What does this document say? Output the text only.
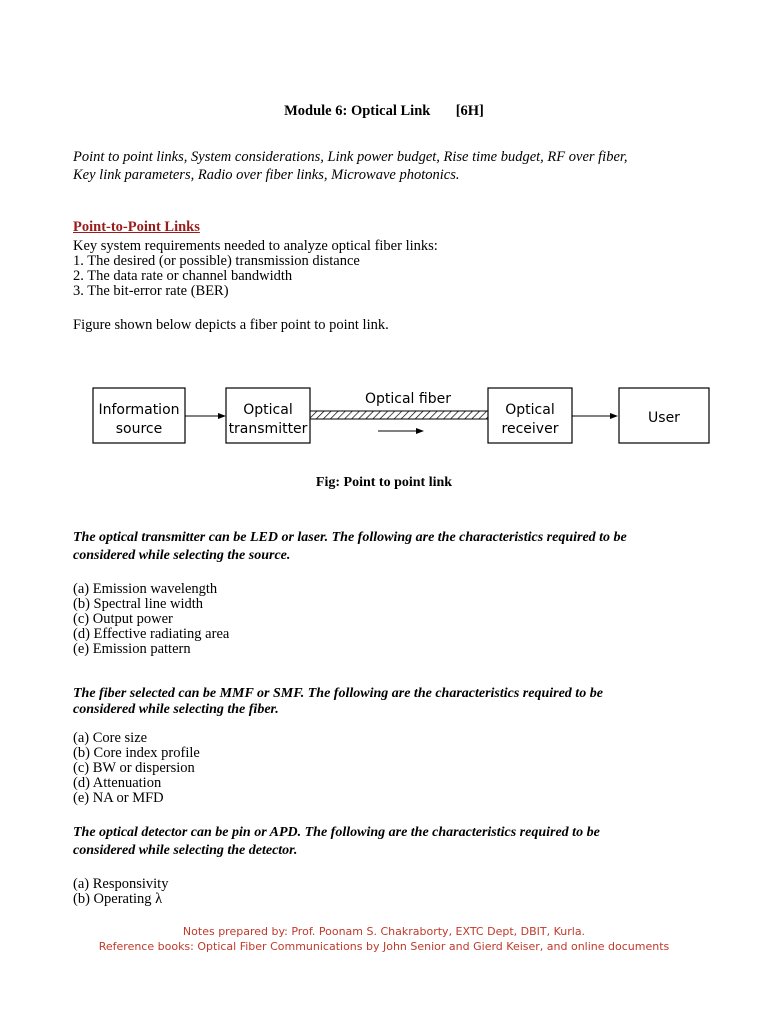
Module 6: Optical Link       [6H]
Point to point links, System considerations, Link power budget, Rise time budget, RF over fiber,
Key link parameters, Radio over fiber links, Microwave photonics.
Point-to-Point Links
Key system requirements needed to analyze optical fiber links:
1. The desired (or possible) transmission distance
2. The data rate or channel bandwidth
3. The bit-error rate (BER)
Figure shown below depicts a fiber point to point link.
Information
source
Optical
transmitter
Optical fiber
Optical
receiver
User
Fig: Point to point link
The optical transmitter can be LED or laser. The following are the characteristics required to be
considered while selecting the source.
(a) Emission wavelength
(b) Spectral line width
(c) Output power
(d) Effective radiating area
(e) Emission pattern
The fiber selected can be MMF or SMF. The following are the characteristics required to be
considered while selecting the fiber.
(a) Core size
(b) Core index profile
(c) BW or dispersion
(d) Attenuation
(e) NA or MFD
The optical detector can be pin or APD. The following are the characteristics required to be
considered while selecting the detector.
(a) Responsivity
(b) Operating λ
Notes prepared by: Prof. Poonam S. Chakraborty, EXTC Dept, DBIT, Kurla.
Reference books: Optical Fiber Communications by John Senior and Gierd Keiser, and online documents
